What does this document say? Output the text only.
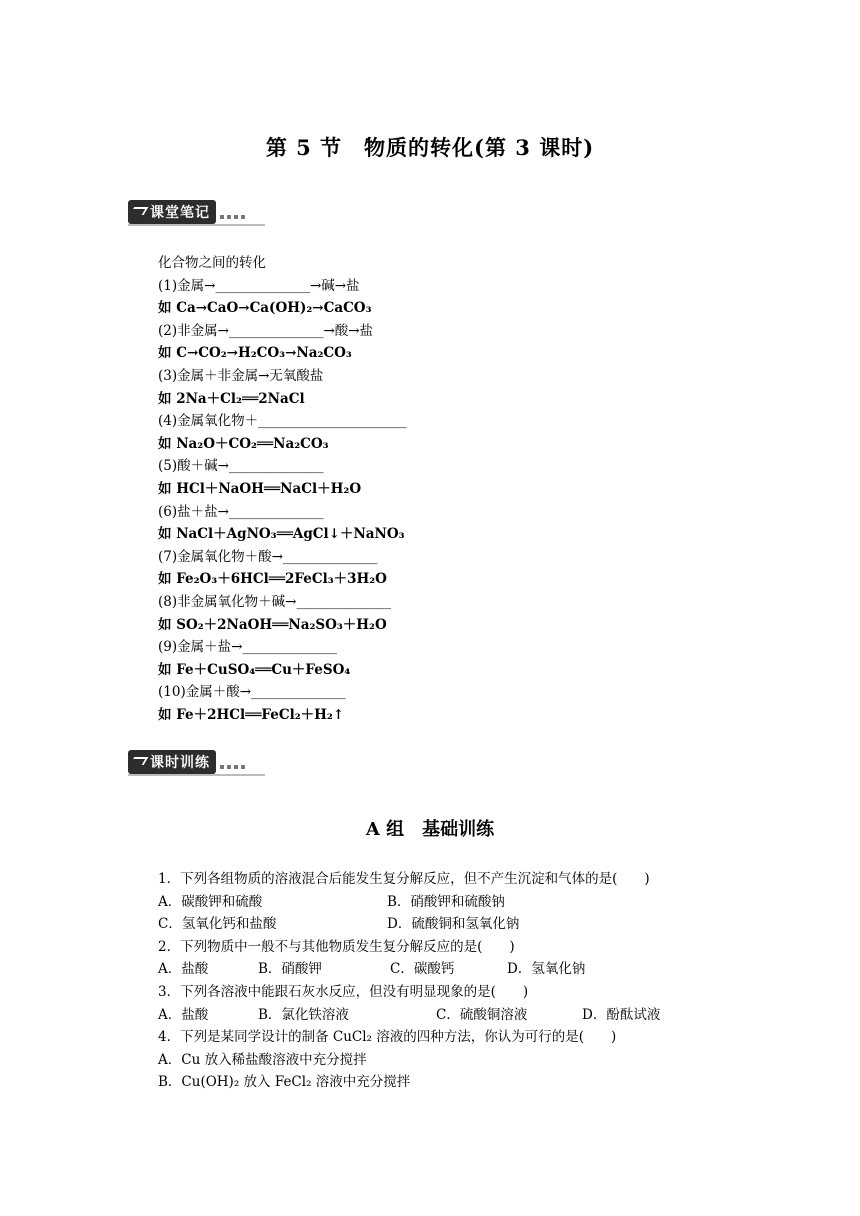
第 5 节　物质的转化(第 3 课时)
课堂笔记
化合物之间的转化
(1)金属→______________→碱→盐
如 Ca→CaO→Ca(OH)₂→CaCO₃
(2)非金属→______________→酸→盐
如 C→CO₂→H₂CO₃→Na₂CO₃
(3)金属＋非金属→无氧酸盐
如 2Na＋Cl₂══2NaCl
(4)金属氧化物＋______________________
如 Na₂O＋CO₂══Na₂CO₃
(5)酸＋碱→______________
如 HCl＋NaOH══NaCl＋H₂O
(6)盐＋盐→______________
如 NaCl＋AgNO₃══AgCl↓＋NaNO₃
(7)金属氧化物＋酸→______________
如 Fe₂O₃＋6HCl══2FeCl₃＋3H₂O
(8)非金属氧化物＋碱→______________
如 SO₂＋2NaOH══Na₂SO₃＋H₂O
(9)金属＋盐→______________
如 Fe＋CuSO₄══Cu＋FeSO₄
(10)金属＋酸→______________
如 Fe＋2HCl══FeCl₂＋H₂↑
课时训练
A 组　基础训练
1．下列各组物质的溶液混合后能发生复分解反应，但不产生沉淀和气体的是(　　)
A．碳酸钾和硫酸	B．硝酸钾和硫酸钠
C．氢氧化钙和盐酸	D．硫酸铜和氢氧化钠
2．下列物质中一般不与其他物质发生复分解反应的是(　　)
A．盐酸	B．硝酸钾	C．碳酸钙	D．氢氧化钠
3．下列各溶液中能跟石灰水反应，但没有明显现象的是(　　)
A．盐酸	B．氯化铁溶液	C．硫酸铜溶液	D．酚酞试液
4．下列是某同学设计的制备 CuCl₂ 溶液的四种方法，你认为可行的是(　　)
A．Cu 放入稀盐酸溶液中充分搅拌
B．Cu(OH)₂ 放入 FeCl₂ 溶液中充分搅拌
